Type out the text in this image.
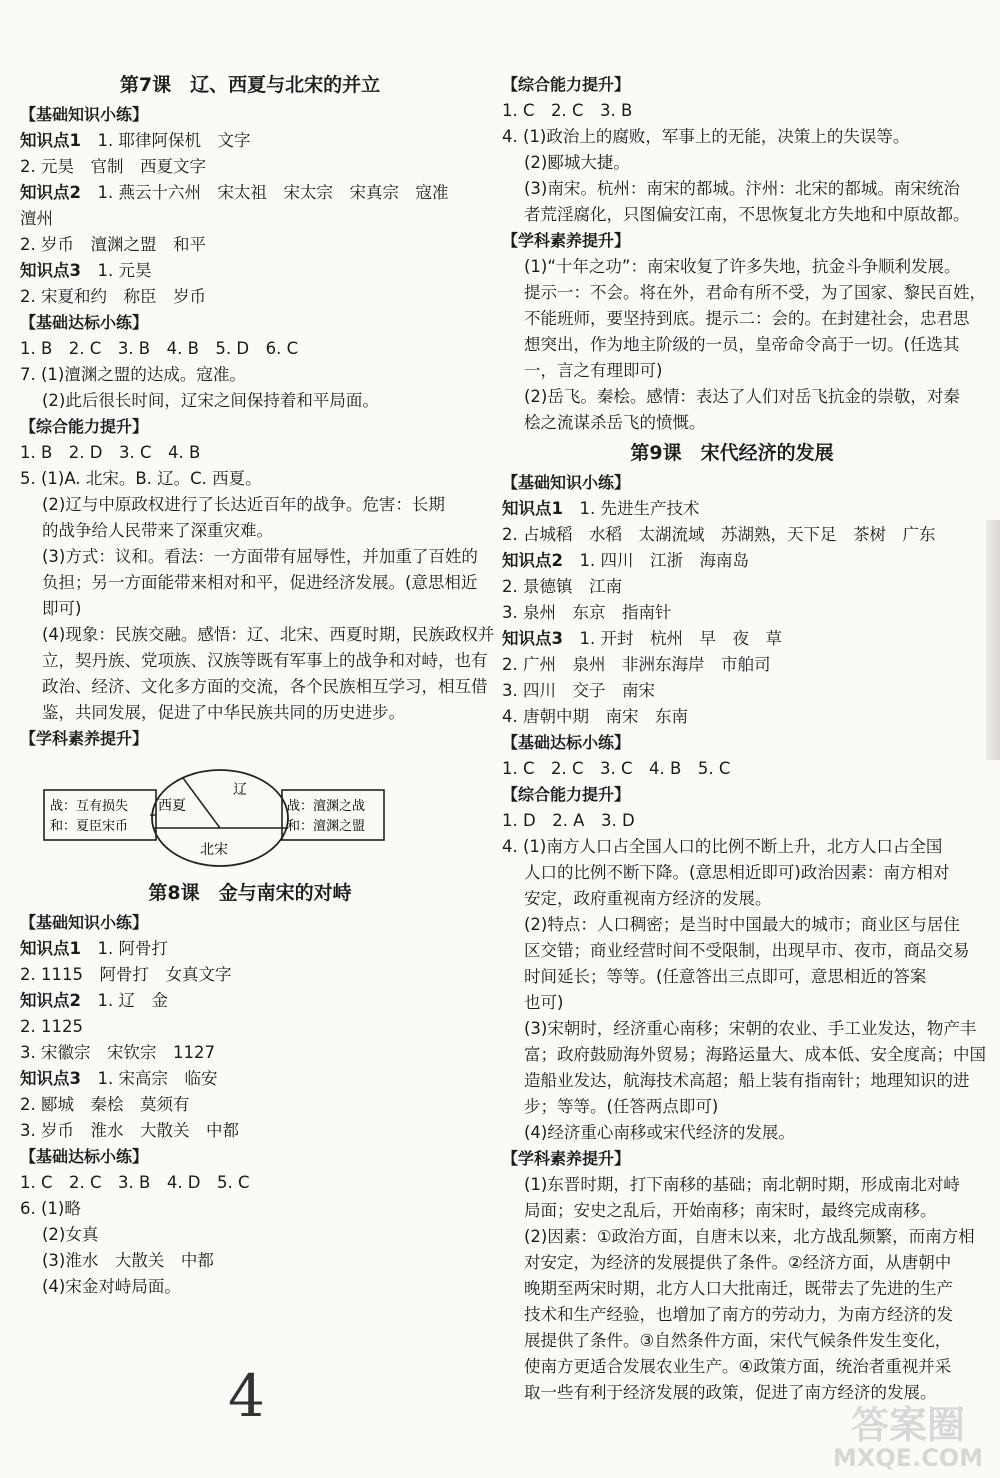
第7课　辽、西夏与北宋的并立
【基础知识小练】
知识点1　 1. 耶律阿保机　文字
2. 元昊　官制　西夏文字
知识点2　 1. 燕云十六州　宋太祖　宋太宗　宋真宗　寇准
澶州
2. 岁币　澶渊之盟　和平
知识点3　 1. 元昊
2. 宋夏和约　称臣　岁币
【基础达标小练】
1. B　2. C　3. B　4. B　5. D　6. C
7. (1)澶渊之盟的达成。寇准。
(2)此后很长时间，辽宋之间保持着和平局面。
【综合能力提升】
1. B　2. D　3. C　4. B
5. (1)A. 北宋。B. 辽。C. 西夏。
(2)辽与中原政权进行了长达近百年的战争。危害：长期
的战争给人民带来了深重灾难。
(3)方式：议和。看法：一方面带有屈辱性，并加重了百姓的
负担；另一方面能带来相对和平，促进经济发展。(意思相近
即可)
(4)现象：民族交融。感悟：辽、北宋、西夏时期，民族政权并
立，契丹族、党项族、汉族等既有军事上的战争和对峙，也有
政治、经济、文化多方面的交流，各个民族相互学习，相互借
鉴，共同发展，促进了中华民族共同的历史进步。
【学科素养提升】
西夏
辽
北宋
战：互有损失
和：夏臣宋币
战：澶渊之战
和：澶渊之盟
第8课　金与南宋的对峙
【基础知识小练】
知识点1　 1. 阿骨打
2. 1115　阿骨打　女真文字
知识点2　 1. 辽　金
2. 1125
3. 宋徽宗　宋钦宗　1127
知识点3　 1. 宋高宗　临安
2. 郾城　秦桧　莫须有
3. 岁币　淮水　大散关　中都
【基础达标小练】
1. C　2. C　3. B　4. D　5. C
6. (1)略
(2)女真
(3)淮水　大散关　中都
(4)宋金对峙局面。
【综合能力提升】
1. C　2. C　3. B
4. (1)政治上的腐败，军事上的无能，决策上的失误等。
(2)郾城大捷。
(3)南宋。杭州：南宋的都城。汴州：北宋的都城。南宋统治
者荒淫腐化，只图偏安江南，不思恢复北方失地和中原故都。
【学科素养提升】
(1)“十年之功”：南宋收复了许多失地，抗金斗争顺利发展。
提示一：不会。将在外，君命有所不受，为了国家、黎民百姓，
不能班师，要坚持到底。提示二：会的。在封建社会，忠君思
想突出，作为地主阶级的一员，皇帝命令高于一切。(任选其
一，言之有理即可)
(2)岳飞。秦桧。感情：表达了人们对岳飞抗金的崇敬，对秦
桧之流谋杀岳飞的愤慨。
第9课　宋代经济的发展
【基础知识小练】
知识点1　 1. 先进生产技术
2. 占城稻　水稻　太湖流域　苏湖熟，天下足　茶树　广东
知识点2　 1. 四川　江浙　海南岛
2. 景德镇　江南
3. 泉州　东京　指南针
知识点3　 1. 开封　杭州　早　夜　草
2. 广州　泉州　非洲东海岸　市舶司
3. 四川　交子　南宋
4. 唐朝中期　南宋　东南
【基础达标小练】
1. C　2. C　3. C　4. B　5. C
【综合能力提升】
1. D　2. A　3. D
4. (1)南方人口占全国人口的比例不断上升，北方人口占全国
人口的比例不断下降。(意思相近即可)政治因素：南方相对
安定，政府重视南方经济的发展。
(2)特点：人口稠密；是当时中国最大的城市；商业区与居住
区交错；商业经营时间不受限制，出现早市、夜市，商品交易
时间延长；等等。(任意答出三点即可，意思相近的答案
也可)
(3)宋朝时，经济重心南移；宋朝的农业、手工业发达，物产丰
富；政府鼓励海外贸易；海路运量大、成本低、安全度高；中国
造船业发达，航海技术高超；船上装有指南针；地理知识的进
步；等等。(任答两点即可)
(4)经济重心南移或宋代经济的发展。
【学科素养提升】
(1)东晋时期，打下南移的基础；南北朝时期，形成南北对峙
局面；安史之乱后，开始南移；南宋时，最终完成南移。
(2)因素：①政治方面，自唐末以来，北方战乱频繁，而南方相
对安定，为经济的发展提供了条件。②经济方面，从唐朝中
晚期至两宋时期，北方人口大批南迁，既带去了先进的生产
技术和生产经验，也增加了南方的劳动力，为南方经济的发
展提供了条件。③自然条件方面，宋代气候条件发生变化，
使南方更适合发展农业生产。④政策方面，统治者重视并采
取一些有利于经济发展的政策，促进了南方经济的发展。
4	答案圈
MXQE.COM
